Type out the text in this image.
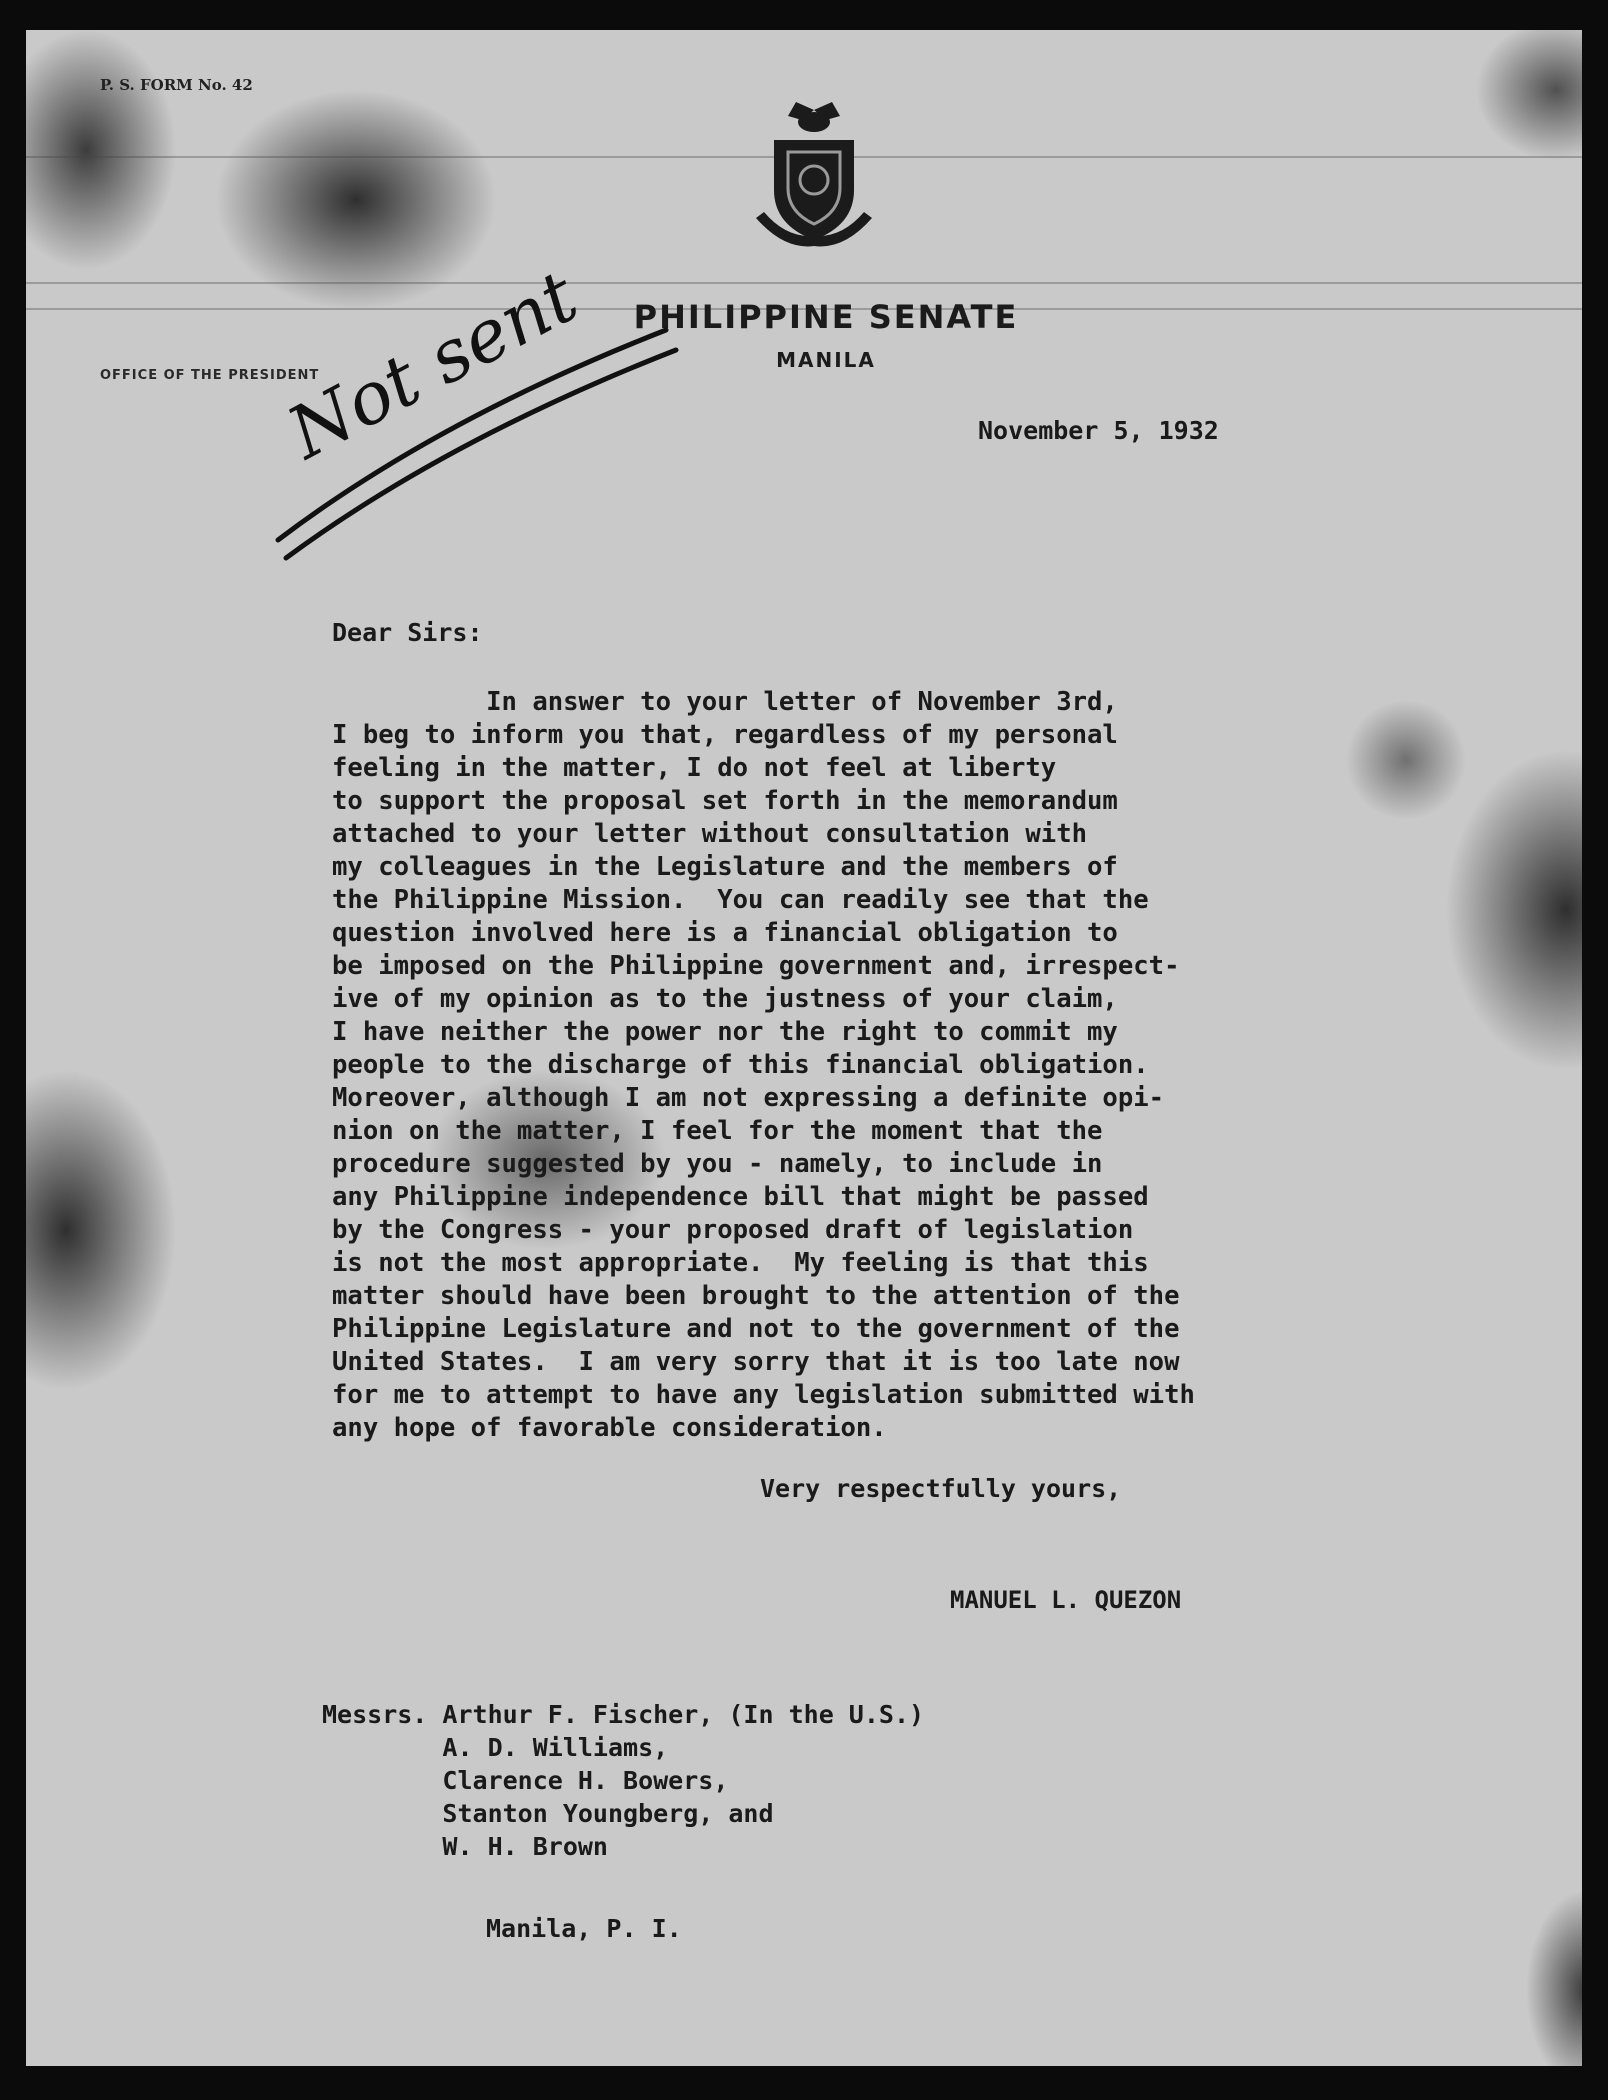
P. S. FORM No. 42
PHILIPPINE SENATE
MANILA
OFFICE OF THE PRESIDENT
Not sent	November 5, 1932
Dear Sirs:
In answer to your letter of November 3rd,
I beg to inform you that, regardless of my personal
feeling in the matter, I do not feel at liberty
to support the proposal set forth in the memorandum
attached to your letter without consultation with
my colleagues in the Legislature and the members of
the Philippine Mission.  You can readily see that the
question involved here is a financial obligation to
be imposed on the Philippine government and, irrespect-
ive of my opinion as to the justness of your claim,
I have neither the power nor the right to commit my
people to the discharge of this financial obligation.
Moreover, although I am not expressing a definite opi-
nion on the matter, I feel for the moment that the
procedure suggested by you - namely, to include in
any Philippine independence bill that might be passed
by the Congress - your proposed draft of legislation
is not the most appropriate.  My feeling is that this
matter should have been brought to the attention of the
Philippine Legislature and not to the government of the
United States.  I am very sorry that it is too late now
for me to attempt to have any legislation submitted with
any hope of favorable consideration.
Very respectfully yours,
MANUEL L. QUEZON
Messrs. Arthur F. Fischer, (In the U.S.)
A. D. Williams,
Clarence H. Bowers,
Stanton Youngberg, and
W. H. Brown
Manila, P. I.
